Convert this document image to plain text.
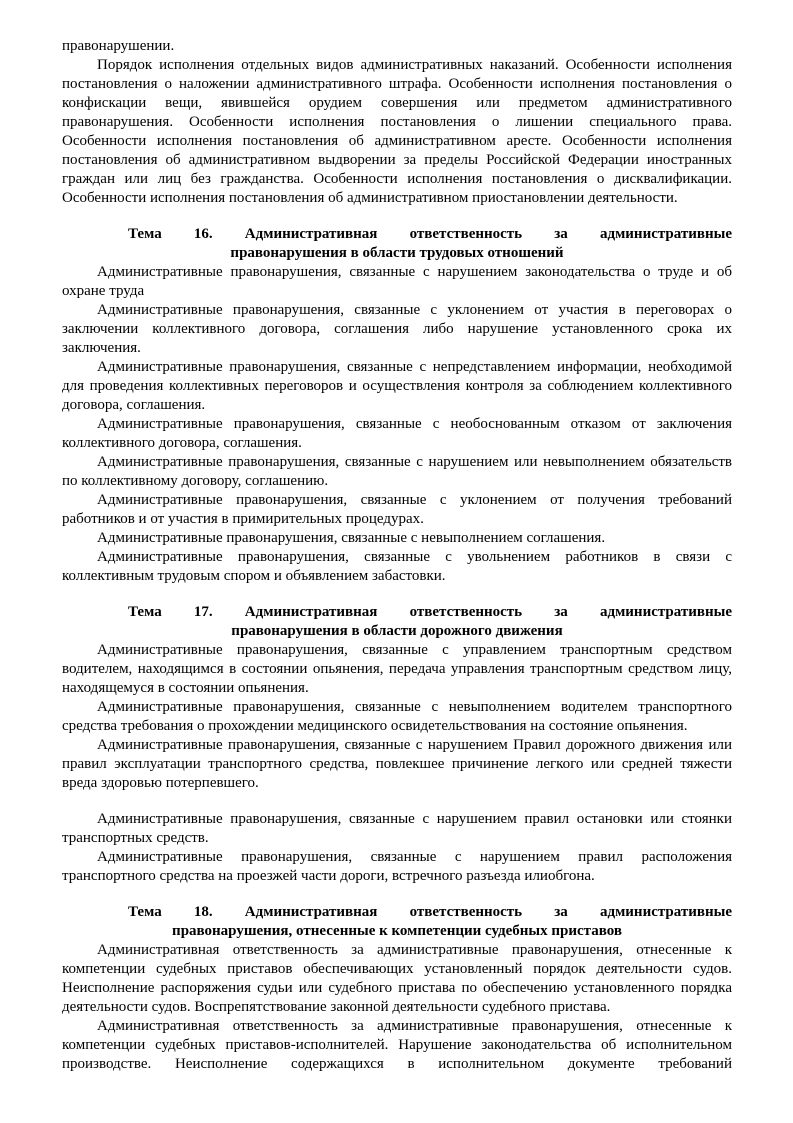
правонарушении.

Порядок исполнения отдельных видов административных наказаний. Особенности исполнения постановления о наложении административного штрафа. Особенности исполнения постановления о конфискации вещи, явившейся орудием совершения или предметом административного правонарушения. Особенности исполнения постановления о лишении специального права. Особенности исполнения постановления об административном аресте. Особенности исполнения постановления об административном выдворении за пределы Российской Федерации иностранных граждан или лиц без гражданства. Особенности исполнения постановления о дисквалификации. Особенности исполнения постановления об административном приостановлении деятельности.

Тема 16. Административная ответственность за административные
правонарушения в области трудовых отношений

Административные правонарушения, связанные с нарушением законодательства о труде и об охране труда

Административные правонарушения, связанные с уклонением от участия в переговорах о заключении коллективного договора, соглашения либо нарушение установленного срока их заключения.

Административные правонарушения, связанные с непредставлением информации, необходимой для проведения коллективных переговоров и осуществления контроля за соблюдением коллективного договора, соглашения.

Административные правонарушения, связанные с необоснованным отказом от заключения коллективного договора, соглашения.

Административные правонарушения, связанные с нарушением или невыполнением обязательств по коллективному договору, соглашению.

Административные правонарушения, связанные с уклонением от получения требований работников и от участия в примирительных процедурах.

Административные правонарушения, связанные с невыполнением соглашения.

Административные правонарушения, связанные с увольнением работников в связи с коллективным трудовым спором и объявлением забастовки.

Тема 17. Административная ответственность за административные
правонарушения в области дорожного движения

Административные правонарушения, связанные с управлением транспортным средством водителем, находящимся в состоянии опьянения, передача управления транспортным средством лицу, находящемуся в состоянии опьянения.

Административные правонарушения, связанные с невыполнением водителем транспортного средства требования о прохождении медицинского освидетельствования на состояние опьянения.

Административные правонарушения, связанные с нарушением Правил дорожного движения или правил эксплуатации транспортного средства, повлекшее причинение легкого или средней тяжести вреда здоровью потерпевшего.

Административные правонарушения, связанные с нарушением правил остановки или стоянки транспортных средств.

Административные правонарушения, связанные с нарушением правил расположения транспортного средства на проезжей части дороги, встречного разъезда илиобгона.

Тема 18. Административная ответственность за административные
правонарушения, отнесенные к компетенции судебных приставов

Административная ответственность за административные правонарушения, отнесенные к компетенции судебных приставов обеспечивающих установленный порядок деятельности судов. Неисполнение распоряжения судьи или судебного пристава по обеспечению установленного порядка деятельности судов. Воспрепятствование законной деятельности судебного пристава.

Административная ответственность за административные правонарушения, отнесенные к компетенции судебных приставов-исполнителей. Нарушение законодательства об исполнительном производстве. Неисполнение содержащихся в исполнительном документе требований
